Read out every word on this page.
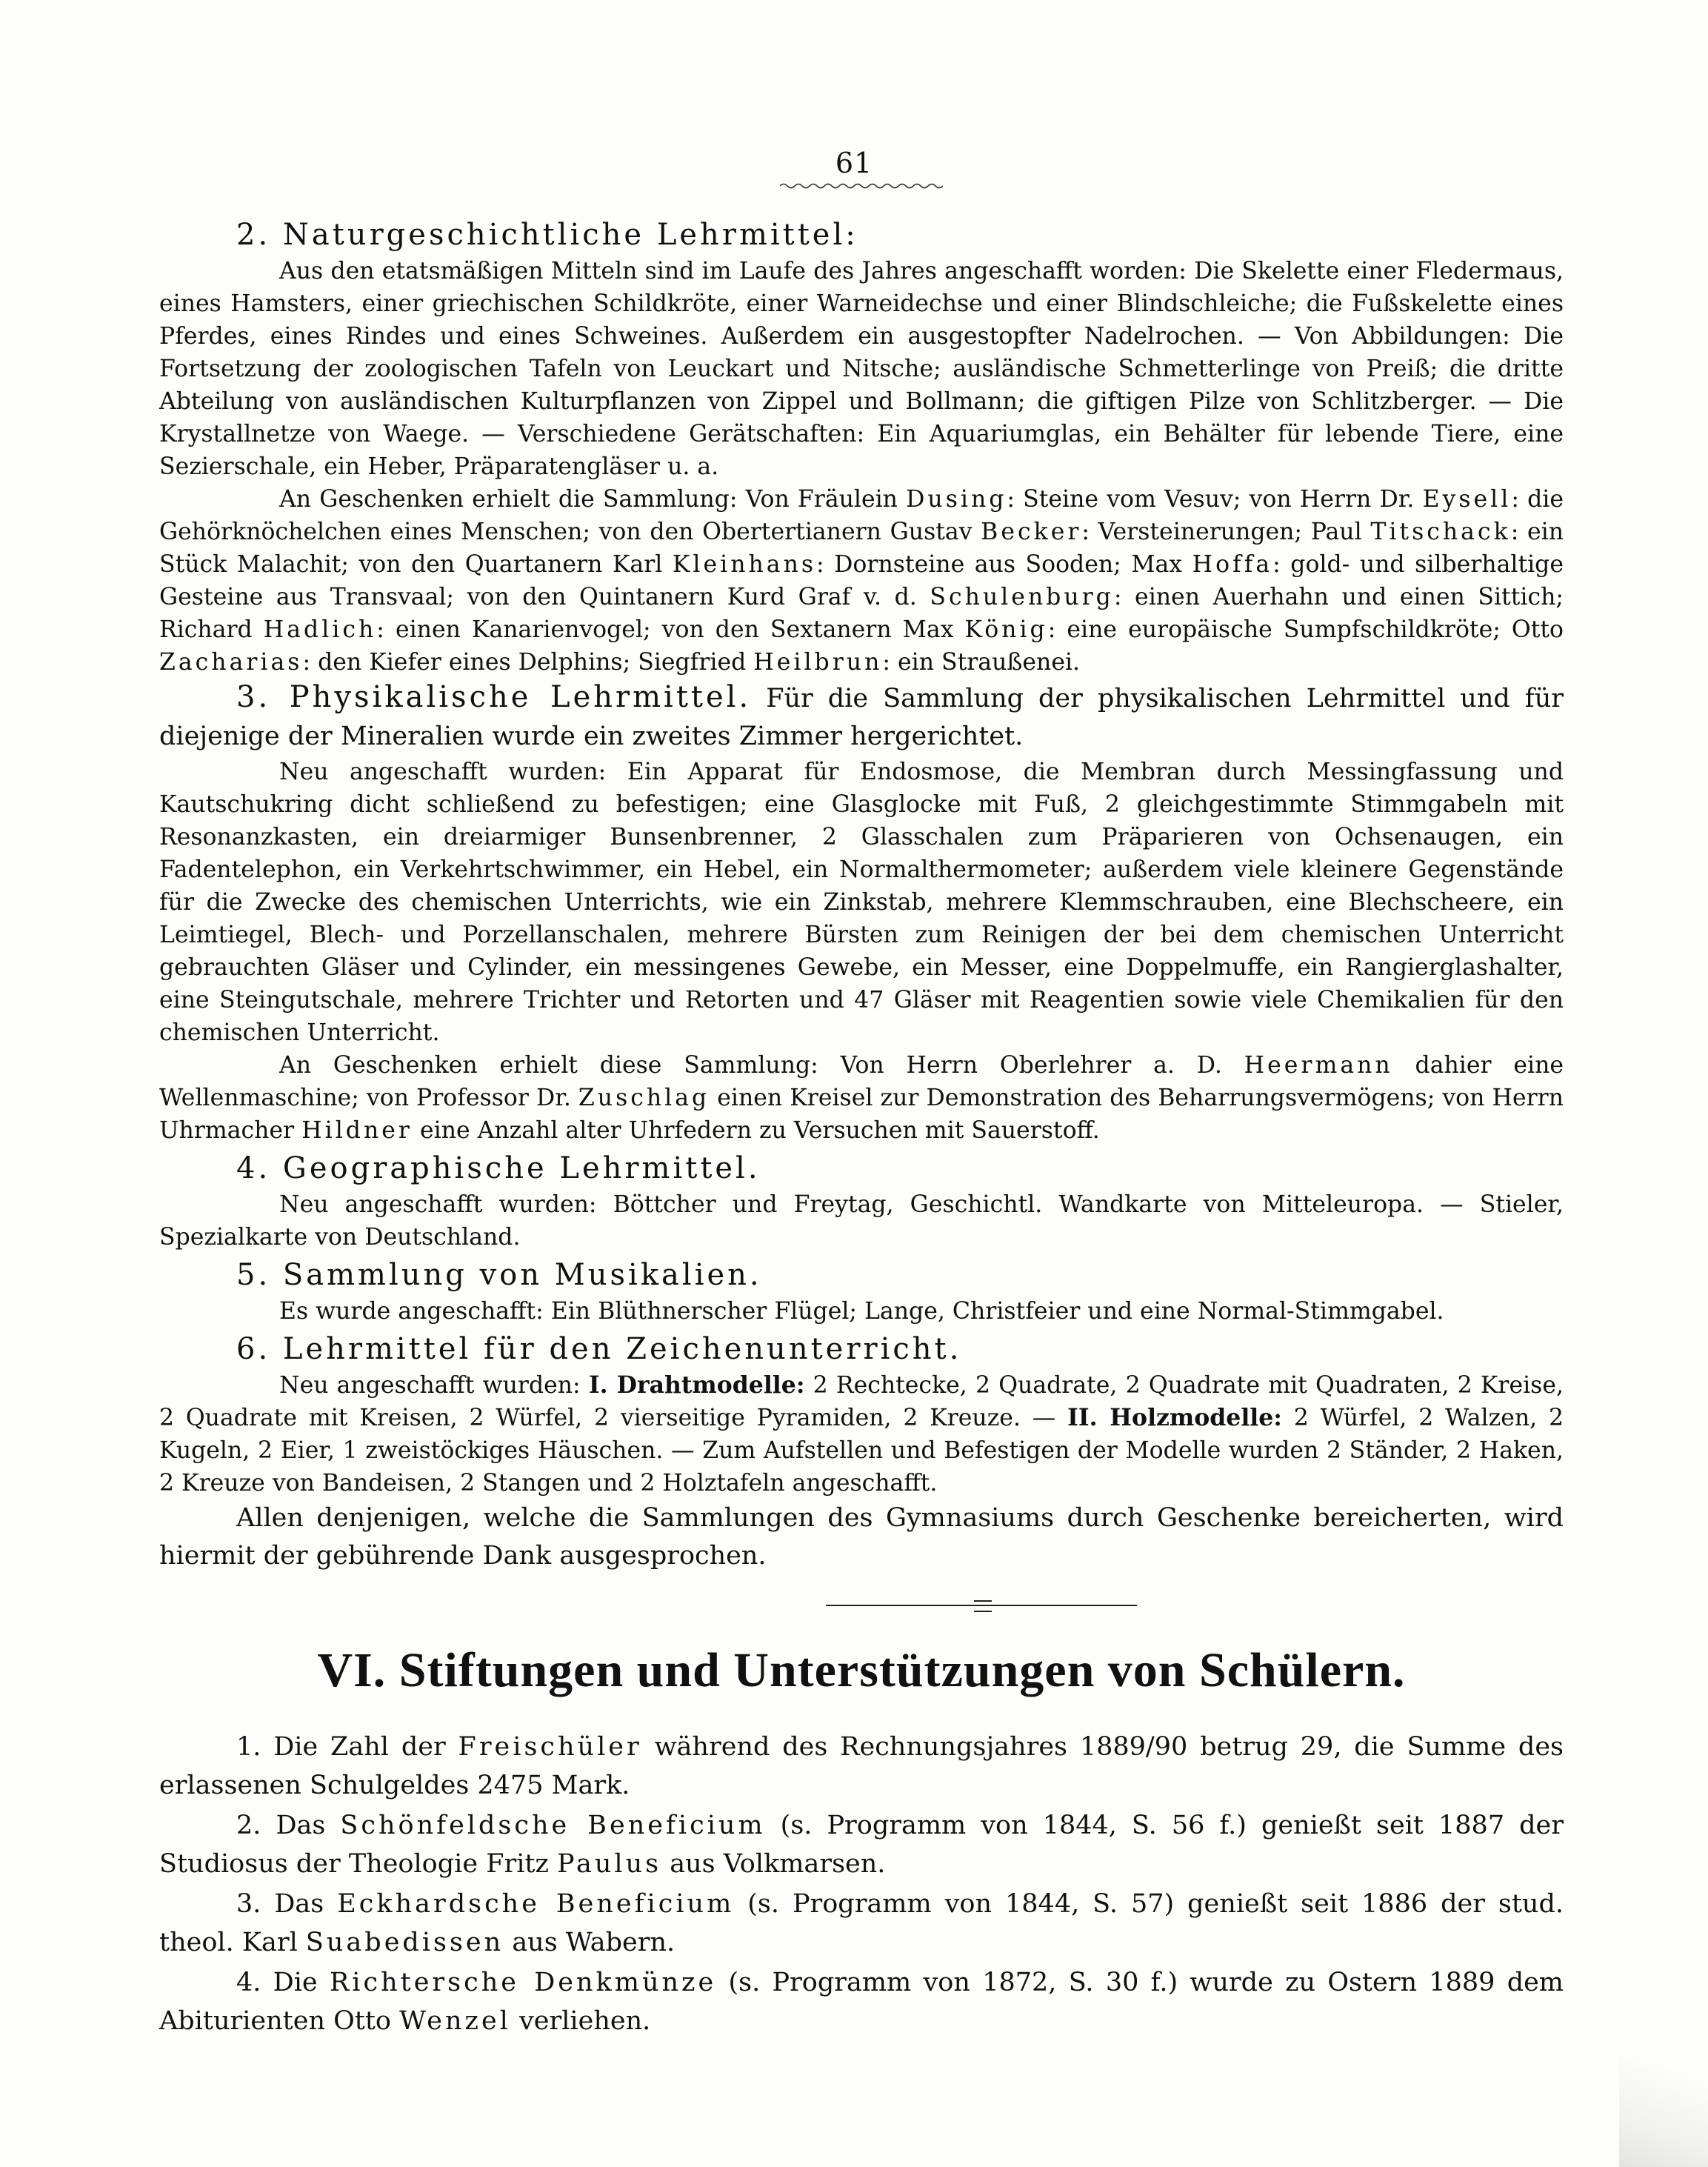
61
2. Naturgeschichtliche Lehrmittel:

Aus den etatsmäßigen Mitteln sind im Laufe des Jahres angeschafft worden: Die Skelette einer Fledermaus, eines Hamsters, einer griechischen Schildkröte, einer Warneidechse und einer Blindschleiche; die Fußskelette eines Pferdes, eines Rindes und eines Schweines. Außerdem ein ausgestopfter Nadelrochen. — Von Abbildungen: Die Fortsetzung der zoologischen Tafeln von Leuckart und Nitsche; ausländische Schmetterlinge von Preiß; die dritte Abteilung von ausländischen Kulturpflanzen von Zippel und Bollmann; die giftigen Pilze von Schlitzberger. — Die Krystallnetze von Waege. — Verschiedene Gerätschaften: Ein Aquariumglas, ein Behälter für lebende Tiere, eine Sezierschale, ein Heber, Präparatengläser u. a.

An Geschenken erhielt die Sammlung: Von Fräulein Dusing: Steine vom Vesuv; von Herrn Dr. Eysell: die Gehörknöchelchen eines Menschen; von den Obertertianern Gustav Becker: Versteinerungen; Paul Titschack: ein Stück Malachit; von den Quartanern Karl Kleinhans: Dornsteine aus Sooden; Max Hoffa: gold- und silberhaltige Gesteine aus Transvaal; von den Quintanern Kurd Graf v. d. Schulenburg: einen Auerhahn und einen Sittich; Richard Hadlich: einen Kanarienvogel; von den Sextanern Max König: eine europäische Sumpfschildkröte; Otto Zacharias: den Kiefer eines Delphins; Siegfried Heilbrun: ein Straußenei.

3. Physikalische Lehrmittel. Für die Sammlung der physikalischen Lehrmittel und für diejenige der Mineralien wurde ein zweites Zimmer hergerichtet.

Neu angeschafft wurden: Ein Apparat für Endosmose, die Membran durch Messingfassung und Kautschukring dicht schließend zu befestigen; eine Glasglocke mit Fuß, 2 gleichgestimmte Stimmgabeln mit Resonanzkasten, ein dreiarmiger Bunsenbrenner, 2 Glasschalen zum Präparieren von Ochsenaugen, ein Fadentelephon, ein Verkehrtschwimmer, ein Hebel, ein Normalthermometer; außerdem viele kleinere Gegenstände für die Zwecke des chemischen Unterrichts, wie ein Zinkstab, mehrere Klemmschrauben, eine Blechscheere, ein Leimtiegel, Blech- und Porzellanschalen, mehrere Bürsten zum Reinigen der bei dem chemischen Unterricht gebrauchten Gläser und Cylinder, ein messingenes Gewebe, ein Messer, eine Doppelmuffe, ein Rangierglashalter, eine Steingutschale, mehrere Trichter und Retorten und 47 Gläser mit Reagentien sowie viele Chemikalien für den chemischen Unterricht.

An Geschenken erhielt diese Sammlung: Von Herrn Oberlehrer a. D. Heermann dahier eine Wellenmaschine; von Professor Dr. Zuschlag einen Kreisel zur Demonstration des Beharrungsvermögens; von Herrn Uhrmacher Hildner eine Anzahl alter Uhrfedern zu Versuchen mit Sauerstoff.

4. Geographische Lehrmittel.

Neu angeschafft wurden: Böttcher und Freytag, Geschichtl. Wandkarte von Mitteleuropa. — Stieler, Spezialkarte von Deutschland.

5. Sammlung von Musikalien.

Es wurde angeschafft: Ein Blüthnerscher Flügel; Lange, Christfeier und eine Normal-Stimmgabel.

6. Lehrmittel für den Zeichenunterricht.

Neu angeschafft wurden: I. Drahtmodelle: 2 Rechtecke, 2 Quadrate, 2 Quadrate mit Quadraten, 2 Kreise, 2 Quadrate mit Kreisen, 2 Würfel, 2 vierseitige Pyramiden, 2 Kreuze. — II. Holzmodelle: 2 Würfel, 2 Walzen, 2 Kugeln, 2 Eier, 1 zweistöckiges Häuschen. — Zum Aufstellen und Befestigen der Modelle wurden 2 Ständer, 2 Haken, 2 Kreuze von Bandeisen, 2 Stangen und 2 Holztafeln angeschafft.

Allen denjenigen, welche die Sammlungen des Gymnasiums durch Geschenke bereicherten, wird hiermit der gebührende Dank ausgesprochen.

VI. Stiftungen und Unterstützungen von Schülern.

1. Die Zahl der Freischüler während des Rechnungsjahres 1889/90 betrug 29, die Summe des erlassenen Schulgeldes 2475 Mark.

2. Das Schönfeldsche Beneficium (s. Programm von 1844, S. 56 f.) genießt seit 1887 der Studiosus der Theologie Fritz Paulus aus Volkmarsen.

3. Das Eckhardsche Beneficium (s. Programm von 1844, S. 57) genießt seit 1886 der stud. theol. Karl Suabedissen aus Wabern.

4. Die Richtersche Denkmünze (s. Programm von 1872, S. 30 f.) wurde zu Ostern 1889 dem Abiturienten Otto Wenzel verliehen.
